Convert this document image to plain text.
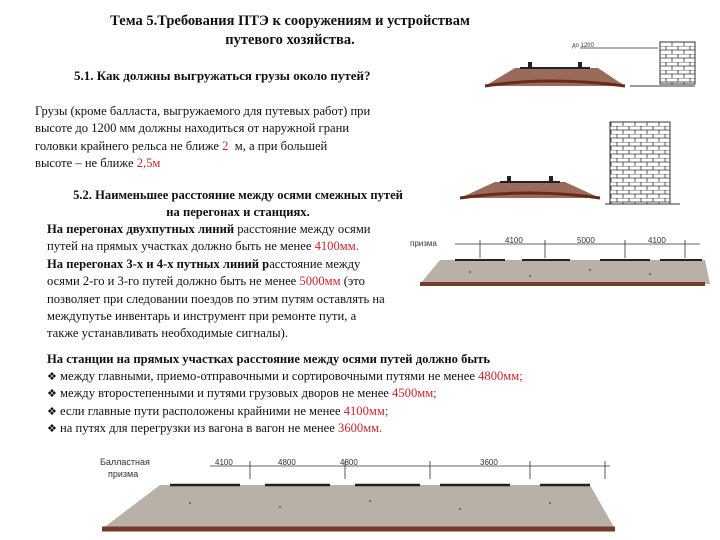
Тема 5.Требования ПТЭ к сооружениям и устройствам
путевого хозяйства.
5.1. Как должны выгружаться грузы около путей?
Грузы (кроме балласта, выгружаемого для путевых работ) при
высоте до 1200 мм должны находиться от наружной грани
головки крайнего рельса не ближе 2  м, а при большей
высоте – не ближе 2,5м
5.2. Наименьшее расстояние между осями смежных путей
на перегонах и станциях.
На перегонах двухпутных линий расстояние между осями
путей на прямых участках должно быть не менее 4100мм.
На перегонах 3-х и 4-х путных линий расстояние между
осями 2-го и 3-го путей должно быть не менее 5000мм (это
позволяет при следовании поездов по этим путям оставлять на
междупутье инвентарь и инструмент при ремонте пути, а
также устанавливать необходимые сигналы).
На станции на прямых участках расстояние между осями путей должно быть
❖ между главными, приемо-отправочными и сортировочными путями не менее 4800мм;
❖ между второстепенными и путями грузовых дворов не менее 4500мм;
❖ если главные пути расположены крайними не менее 4100мм;
❖ на путях для перегрузки из вагона в вагон не менее 3600мм.
до 1200
призма	4100	5000	4100
Балластная
призма
4100	4800	4800	3600
